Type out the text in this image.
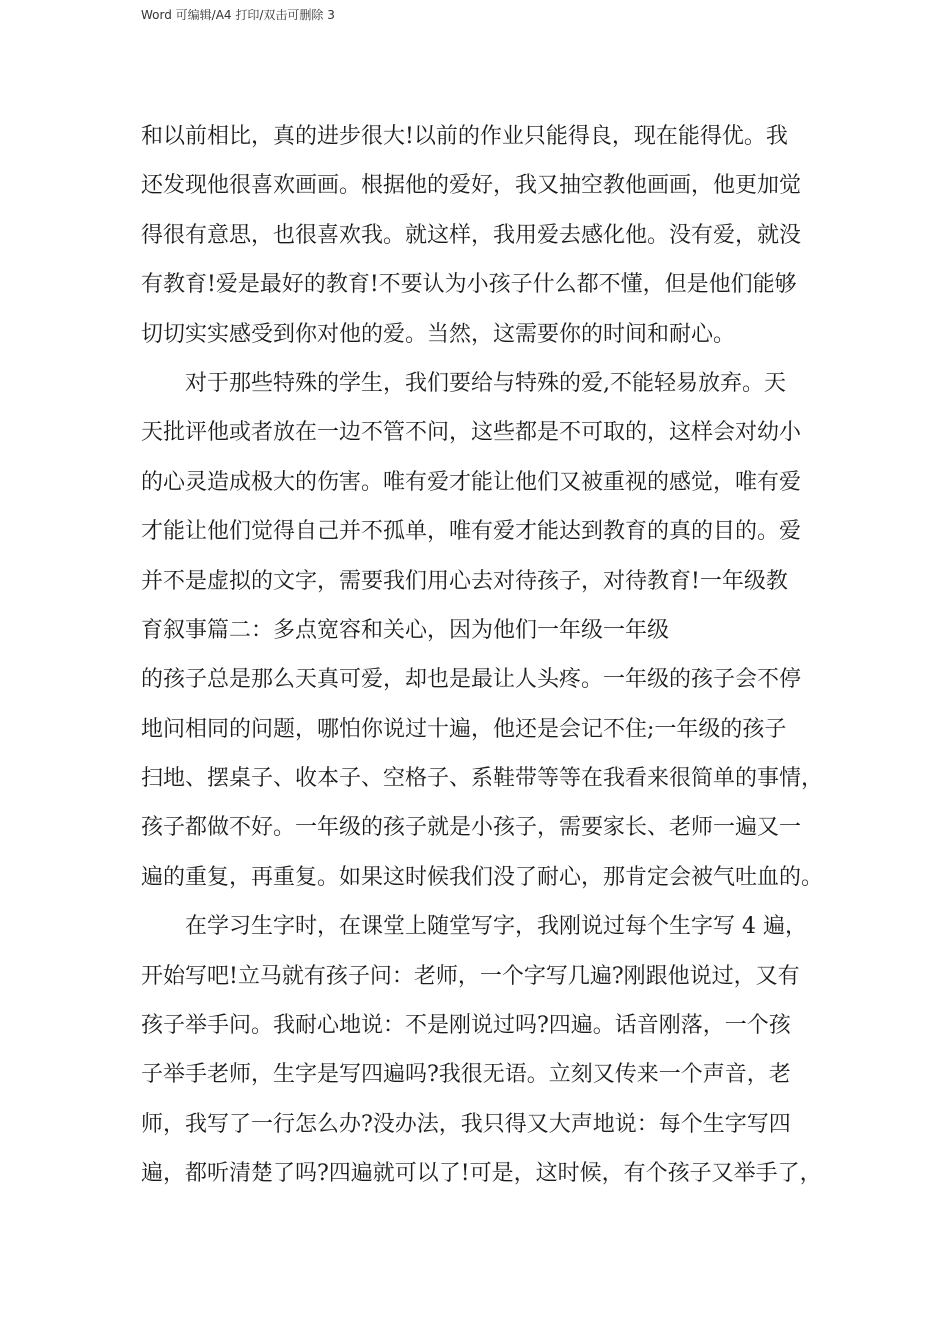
Word 可编辑/A4 打印/双击可删除 3
和以前相比，真的进步很大!以前的作业只能得良，现在能得优。我
还发现他很喜欢画画。根据他的爱好，我又抽空教他画画，他更加觉
得很有意思，也很喜欢我。就这样，我用爱去感化他。没有爱，就没
有教育!爱是最好的教育!不要认为小孩子什么都不懂，但是他们能够
切切实实感受到你对他的爱。当然，这需要你的时间和耐心。
对于那些特殊的学生，我们要给与特殊的爱,不能轻易放弃。天
天批评他或者放在一边不管不问，这些都是不可取的，这样会对幼小
的心灵造成极大的伤害。唯有爱才能让他们又被重视的感觉，唯有爱
才能让他们觉得自己并不孤单，唯有爱才能达到教育的真的目的。爱
并不是虚拟的文字，需要我们用心去对待孩子，对待教育!一年级教
育叙事篇二：多点宽容和关心，因为他们一年级一年级
的孩子总是那么天真可爱，却也是最让人头疼。一年级的孩子会不停
地问相同的问题，哪怕你说过十遍，他还是会记不住;一年级的孩子
扫地、摆桌子、收本子、空格子、系鞋带等等在我看来很简单的事情，
孩子都做不好。一年级的孩子就是小孩子，需要家长、老师一遍又一
遍的重复，再重复。如果这时候我们没了耐心，那肯定会被气吐血的。
在学习生字时，在课堂上随堂写字，我刚说过每个生字写 4 遍，
开始写吧!立马就有孩子问：老师，一个字写几遍?刚跟他说过，又有
孩子举手问。我耐心地说：不是刚说过吗?四遍。话音刚落，一个孩
子举手老师，生字是写四遍吗?我很无语。立刻又传来一个声音，老
师，我写了一行怎么办?没办法，我只得又大声地说：每个生字写四
遍，都听清楚了吗?四遍就可以了!可是，这时候，有个孩子又举手了，
